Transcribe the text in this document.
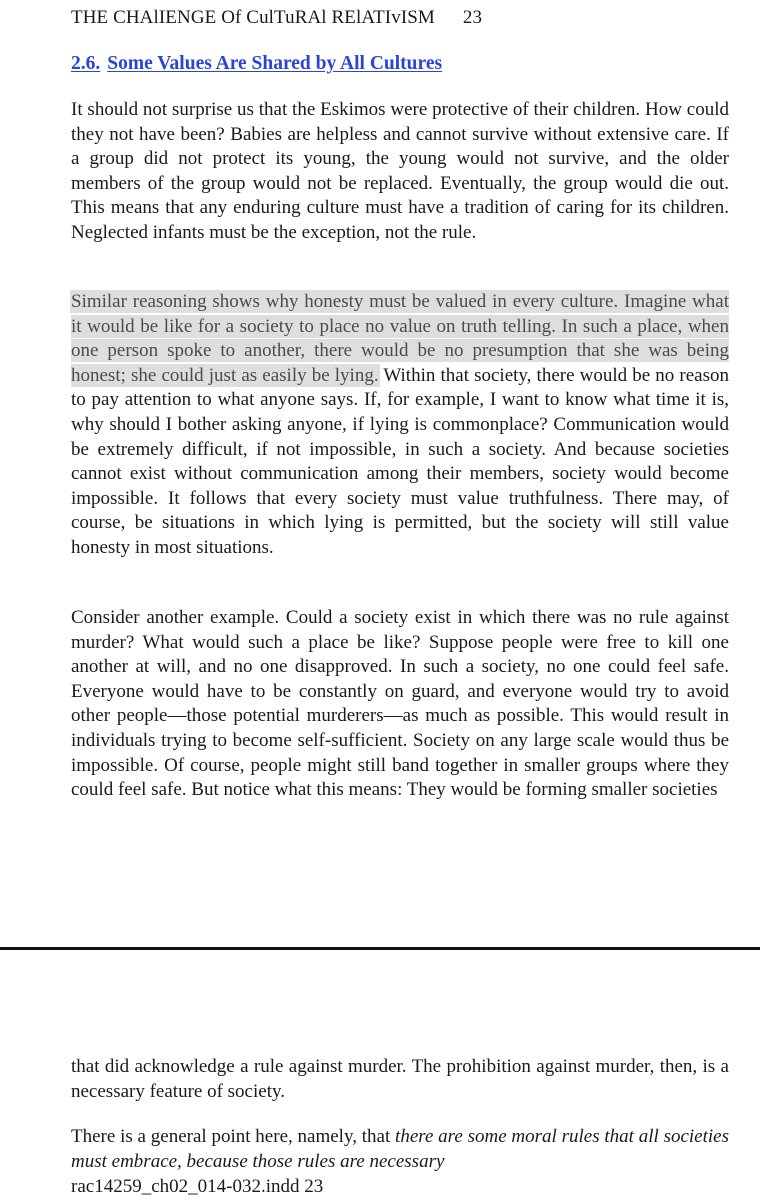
THE CHAlIENGE Of CulTuRAl RElATIvISM 23
2.6. Some Values Are Shared by All Cultures

It should not surprise us that the Eskimos were protective of their children. How could they not have been? Babies are helpless and cannot survive without extensive care. If a group did not protect its young, the young would not survive, and the older members of the group would not be replaced. Eventually, the group would die out. This means that any enduring culture must have a tradition of caring for its children. Neglected infants must be the exception, not the rule.

Similar reasoning shows why honesty must be valued in every culture. Imagine what it would be like for a society to place no value on truth telling. In such a place, when one person spoke to another, there would be no presumption that she was being honest; she could just as easily be lying. Within that society, there would be no reason to pay attention to what anyone says. If, for example, I want to know what time it is, why should I bother asking anyone, if lying is commonplace? Communication would be extremely difficult, if not impossible, in such a society. And because societies cannot exist without communication among their members, society would become impossible. It follows that every society must value truthfulness. There may, of course, be situations in which lying is permitted, but the society will still value honesty in most situations.

Consider another example. Could a society exist in which there was no rule against murder? What would such a place be like? Suppose people were free to kill one another at will, and no one disapproved. In such a society, no one could feel safe. Everyone would have to be constantly on guard, and everyone would try to avoid other people—those potential murderers—as much as possible. This would result in individuals trying to become self-sufficient. Society on any large scale would thus be impossible. Of course, people might still band together in smaller groups where they could feel safe. But notice what this means: They would be forming smaller societies

that did acknowledge a rule against murder. The prohibition against murder, then, is a necessary feature of society.

There is a general point here, namely, that there are some moral rules that all societies must embrace, because those rules are necessary

rac14259_ch02_014-032.indd 23
